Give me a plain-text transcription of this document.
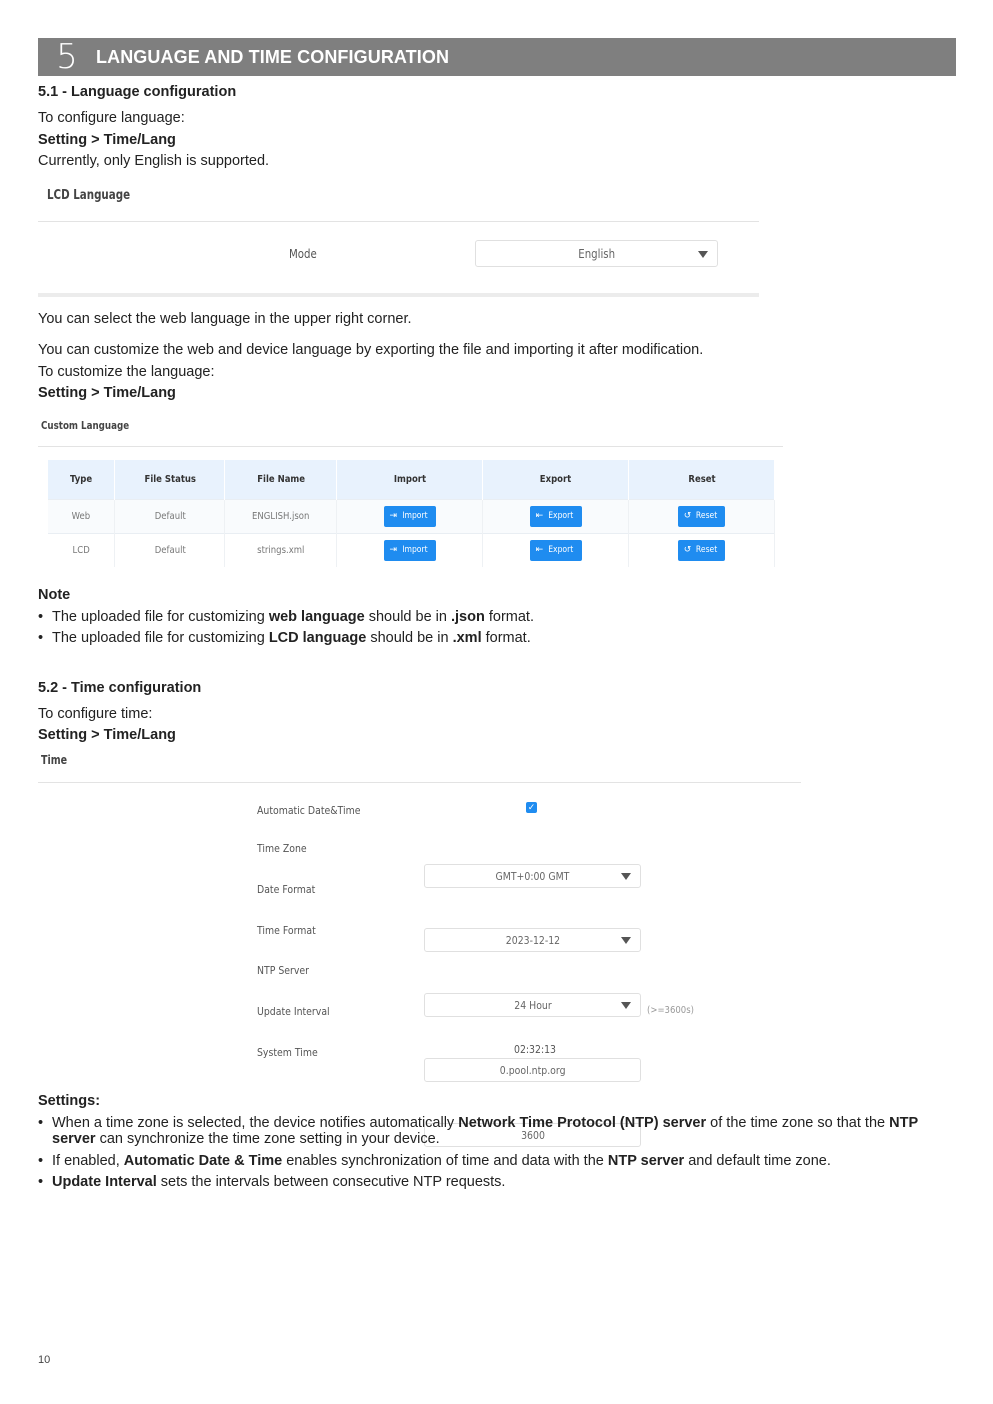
5	LANGUAGE AND TIME CONFIGURATION
5.1 - Language configuration
To configure language:
Setting > Time/Lang
Currently, only English is supported.
LCD Language
Mode	English
You can select the web language in the upper right corner.
You can customize the web and device language by exporting the file and importing it after modification.
To customize the language:
Setting > Time/Lang
Custom Language
Type	File Status	File Name	Import	Export	Reset
Web	Default	ENGLISH.json	⇥ Import	⇤ Export	↺ Reset

LCD	Default	strings.xml	⇥ Import	⇤ Export	↺ Reset
Note
• The uploaded file for customizing web language should be in .json format.
• The uploaded file for customizing LCD language should be in .xml format.
5.2 - Time configuration
To configure time:
Setting > Time/Lang
Time
Automatic Date&Time	✓
Time Zone
GMT+0:00 GMT
Date Format
2023-12-12
Time Format
24 Hour
NTP Server
0.pool.ntp.org
Update Interval
3600
(>=3600s)
System Time	02:32:13
Settings:
• When a time zone is selected, the device notifies automatically Network Time Protocol (NTP) server of the time zone so that the NTP server can synchronize the time zone setting in your device.
• If enabled, Automatic Date & Time enables synchronization of time and data with the NTP server and default time zone.
• Update Interval sets the intervals between consecutive NTP requests.
10
